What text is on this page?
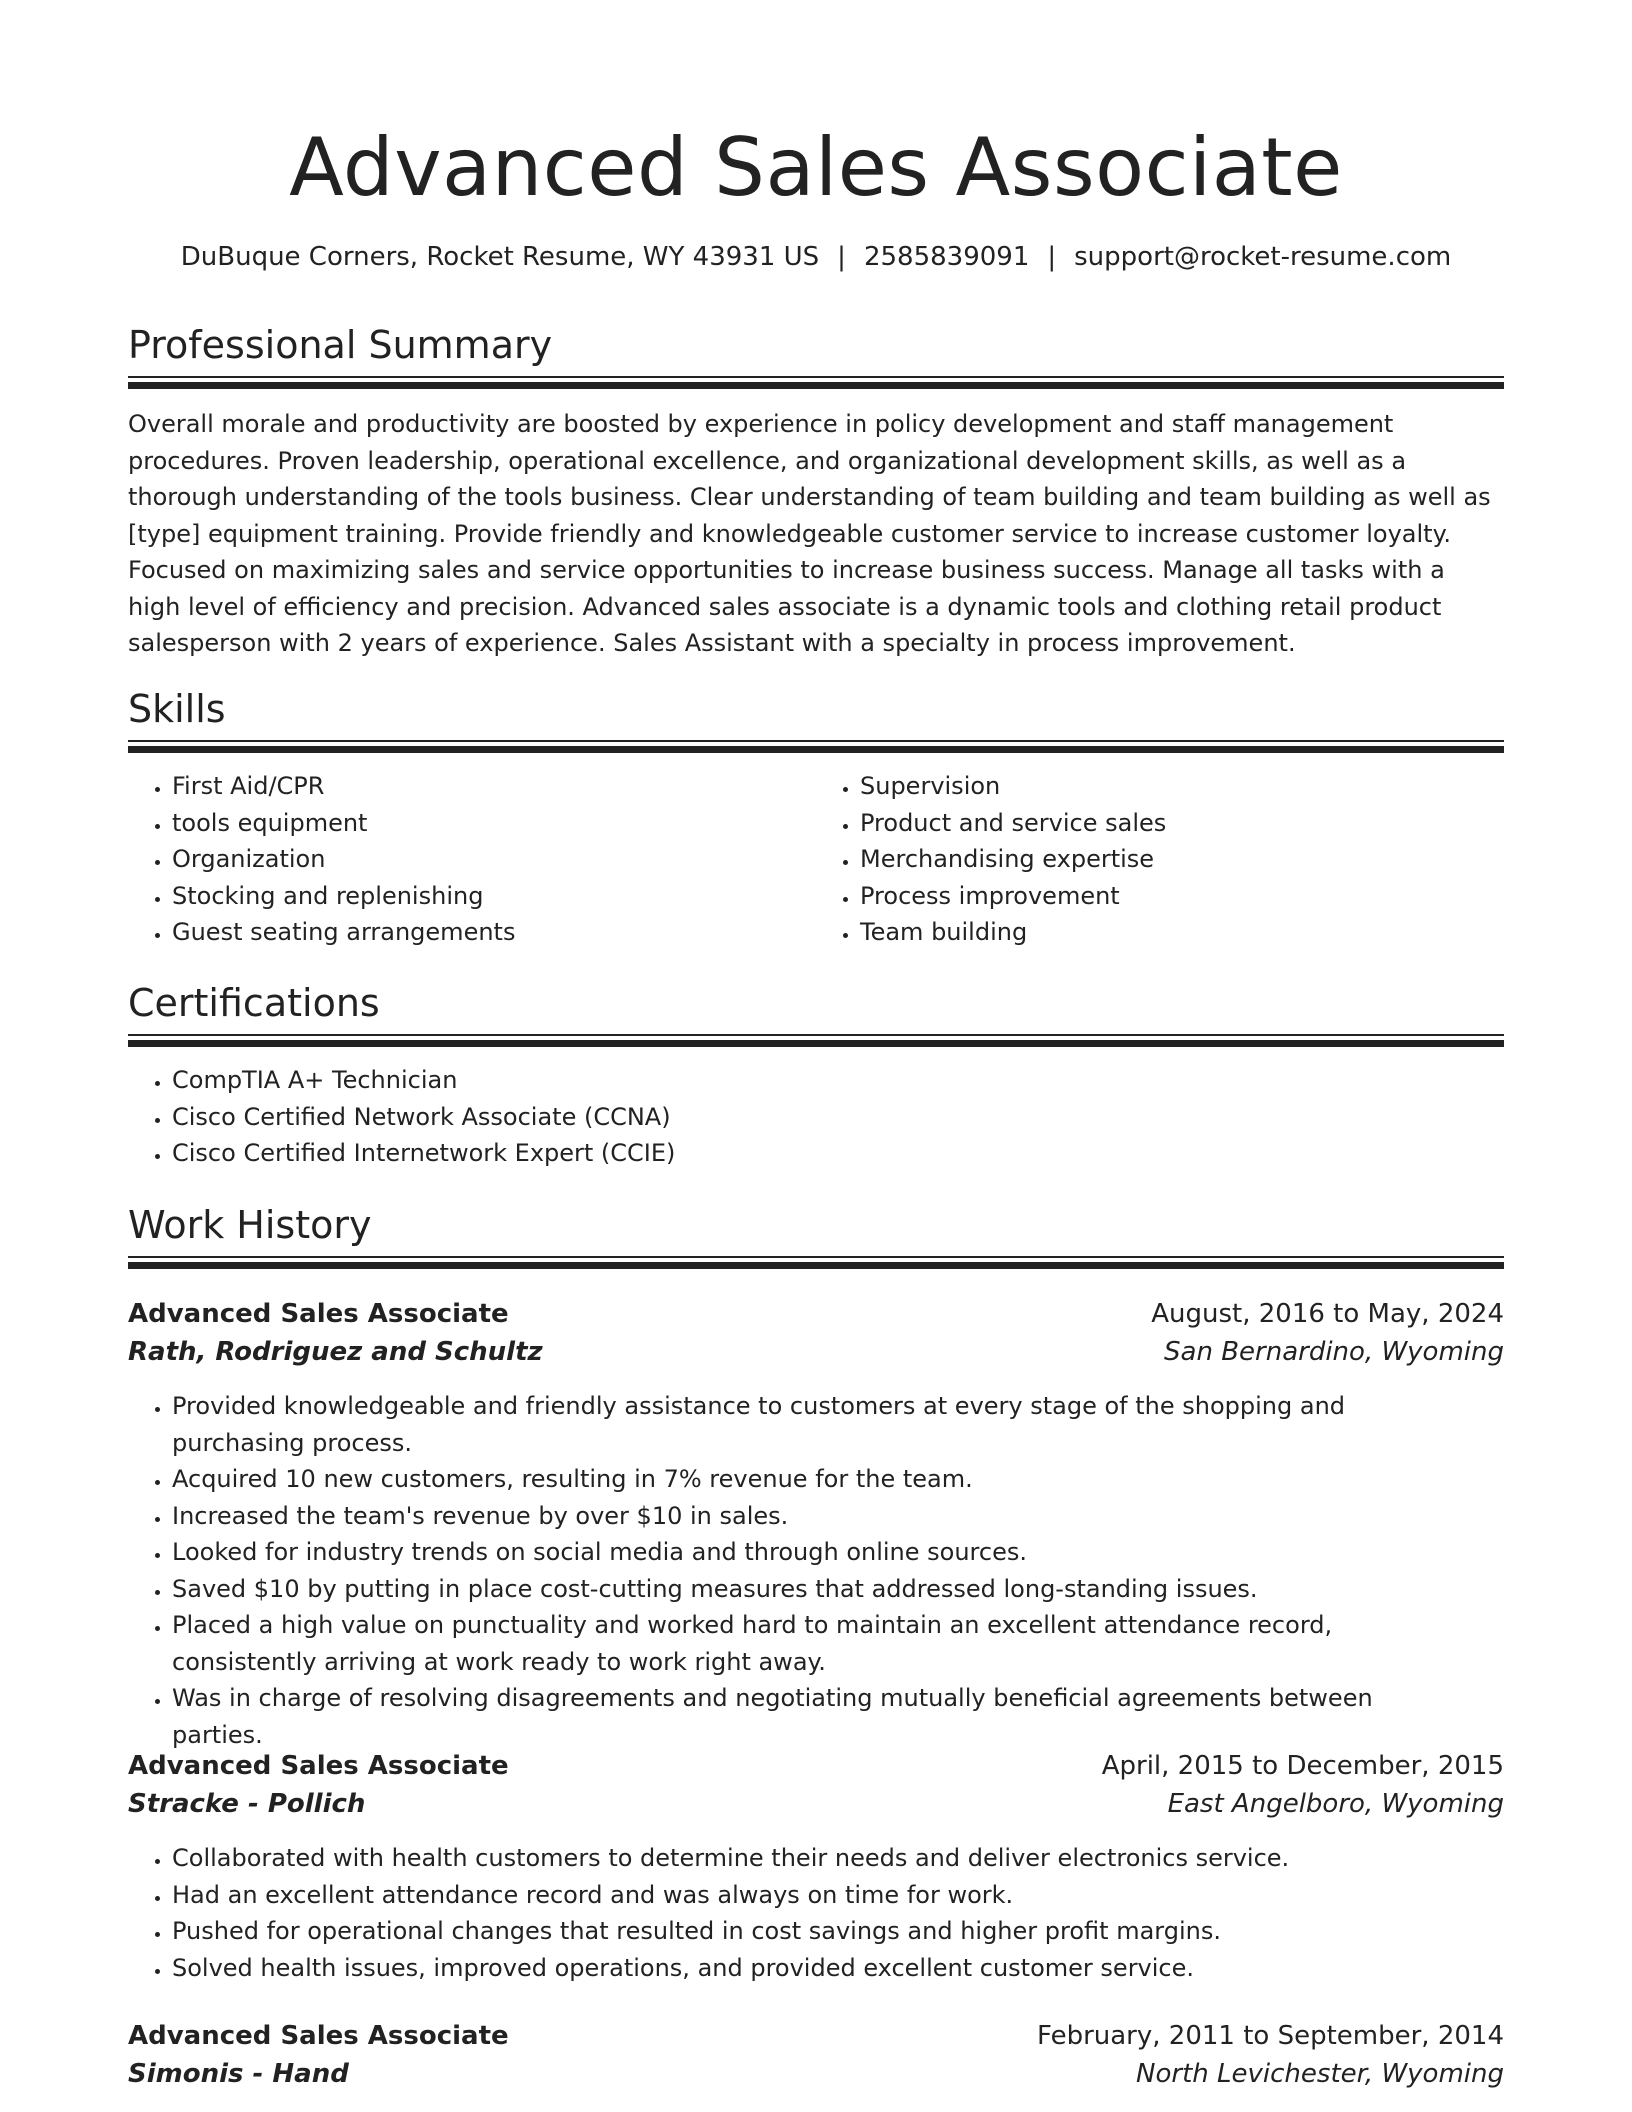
Advanced Sales Associate
DuBuque Corners, Rocket Resume, WY 43931 US | 2585839091 | support@rocket-resume.com
Professional Summary
Overall morale and productivity are boosted by experience in policy development and staff management procedures. Proven leadership, operational excellence, and organizational development skills, as well as a thorough understanding of the tools business. Clear understanding of team building and team building as well as [type] equipment training. Provide friendly and knowledgeable customer service to increase customer loyalty. Focused on maximizing sales and service opportunities to increase business success. Manage all tasks with a high level of efficiency and precision. Advanced sales associate is a dynamic tools and clothing retail product salesperson with 2 years of experience. Sales Assistant with a specialty in process improvement.
Skills
• First Aid/CPR
• tools equipment
• Organization
• Stocking and replenishing
• Guest seating arrangements
• Supervision
• Product and service sales
• Merchandising expertise
• Process improvement
• Team building
Certifications
• CompTIA A+ Technician
• Cisco Certified Network Associate (CCNA)
• Cisco Certified Internetwork Expert (CCIE)
Work History
Advanced Sales Associate	August, 2016 to May, 2024
Rath, Rodriguez and Schultz	San Bernardino, Wyoming
• Provided knowledgeable and friendly assistance to customers at every stage of the shopping and purchasing process.
• Acquired 10 new customers, resulting in 7% revenue for the team.
• Increased the team's revenue by over $10 in sales.
• Looked for industry trends on social media and through online sources.
• Saved $10 by putting in place cost-cutting measures that addressed long-standing issues.
• Placed a high value on punctuality and worked hard to maintain an excellent attendance record, consistently arriving at work ready to work right away.
• Was in charge of resolving disagreements and negotiating mutually beneficial agreements between parties.
Advanced Sales Associate	April, 2015 to December, 2015
Stracke - Pollich	East Angelboro, Wyoming
• Collaborated with health customers to determine their needs and deliver electronics service.
• Had an excellent attendance record and was always on time for work.
• Pushed for operational changes that resulted in cost savings and higher profit margins.
• Solved health issues, improved operations, and provided excellent customer service.
Advanced Sales Associate	February, 2011 to September, 2014
Simonis - Hand	North Levichester, Wyoming
